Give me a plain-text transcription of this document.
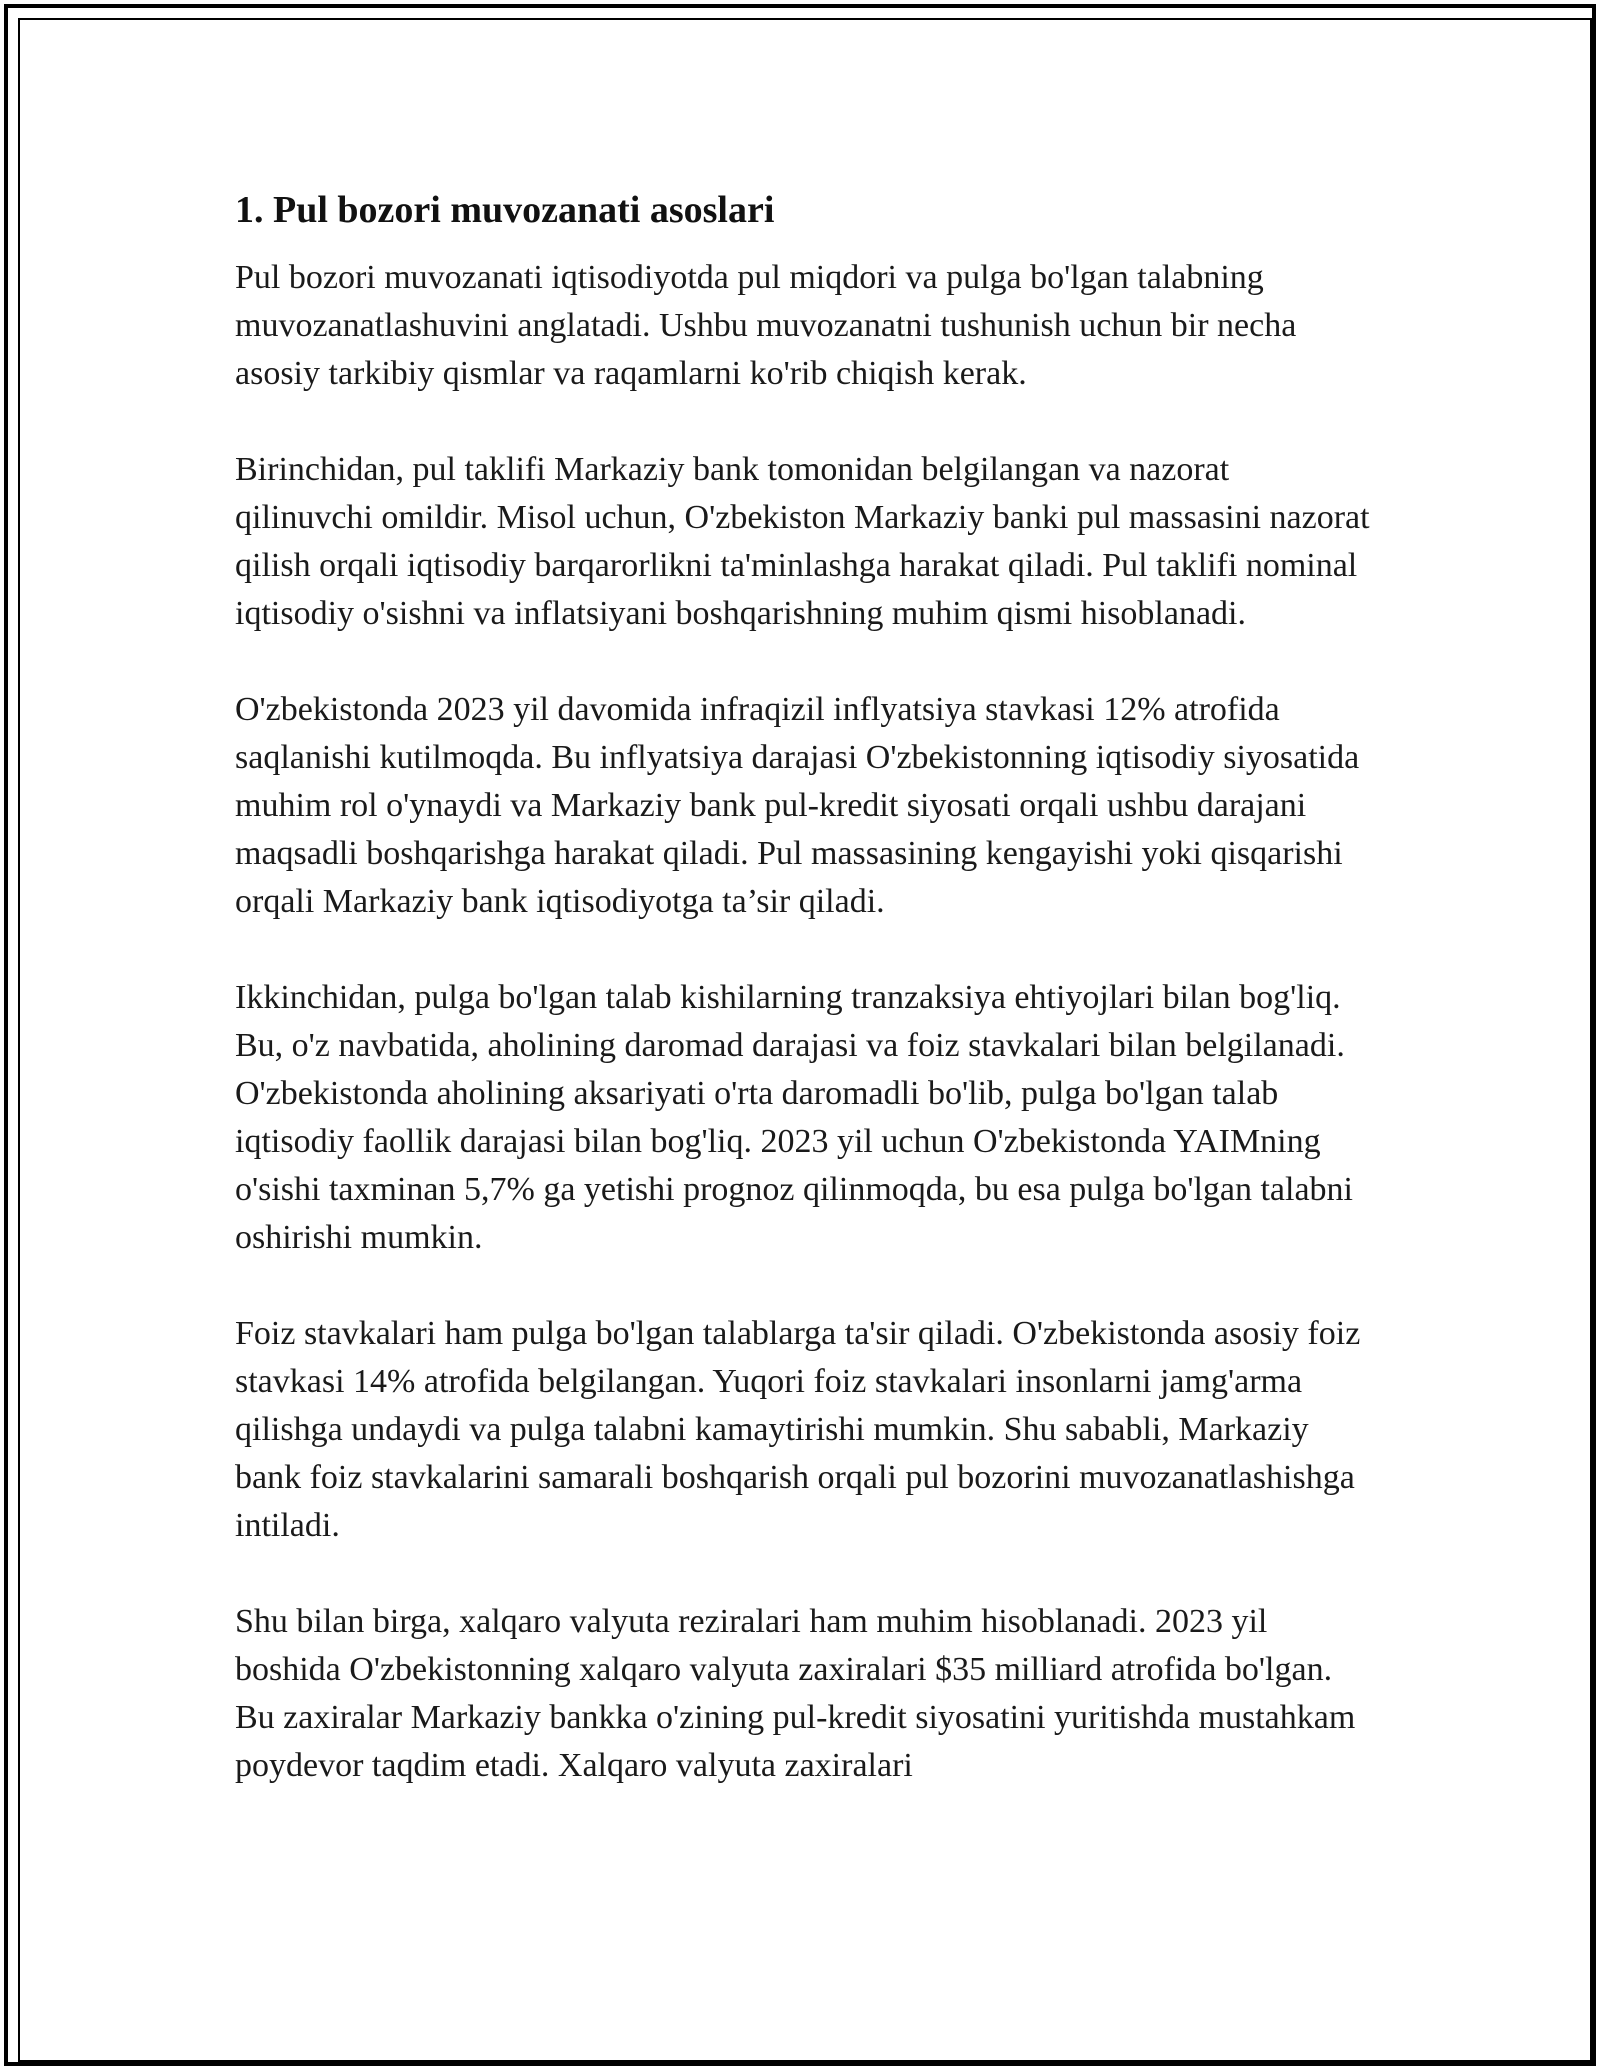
1. Pul bozori muvozanati asoslari

Pul bozori muvozanati iqtisodiyotda pul miqdori va pulga bo'lgan talabning muvozanatlashuvini anglatadi. Ushbu muvozanatni tushunish uchun bir necha asosiy tarkibiy qismlar va raqamlarni ko'rib chiqish kerak.

Birinchidan, pul taklifi Markaziy bank tomonidan belgilangan va nazorat qilinuvchi omildir. Misol uchun, O'zbekiston Markaziy banki pul massasini nazorat qilish orqali iqtisodiy barqarorlikni ta'minlashga harakat qiladi. Pul taklifi nominal iqtisodiy o'sishni va inflatsiyani boshqarishning muhim qismi hisoblanadi.

O'zbekistonda 2023 yil davomida infraqizil inflyatsiya stavkasi 12% atrofida saqlanishi kutilmoqda. Bu inflyatsiya darajasi O'zbekistonning iqtisodiy siyosatida muhim rol o'ynaydi va Markaziy bank pul-kredit siyosati orqali ushbu darajani maqsadli boshqarishga harakat qiladi. Pul massasining kengayishi yoki qisqarishi orqali Markaziy bank iqtisodiyotga ta’sir qiladi.

Ikkinchidan, pulga bo'lgan talab kishilarning tranzaksiya ehtiyojlari bilan bog'liq. Bu, o'z navbatida, aholining daromad darajasi va foiz stavkalari bilan belgilanadi. O'zbekistonda aholining aksariyati o'rta daromadli bo'lib, pulga bo'lgan talab iqtisodiy faollik darajasi bilan bog'liq. 2023 yil uchun O'zbekistonda YAIMning o'sishi taxminan 5,7% ga yetishi prognoz qilinmoqda, bu esa pulga bo'lgan talabni oshirishi mumkin.

Foiz stavkalari ham pulga bo'lgan talablarga ta'sir qiladi. O'zbekistonda asosiy foiz stavkasi 14% atrofida belgilangan. Yuqori foiz stavkalari insonlarni jamg'arma qilishga undaydi va pulga talabni kamaytirishi mumkin. Shu sababli, Markaziy bank foiz stavkalarini samarali boshqarish orqali pul bozorini muvozanatlashishga intiladi.

Shu bilan birga, xalqaro valyuta reziralari ham muhim hisoblanadi. 2023 yil boshida O'zbekistonning xalqaro valyuta zaxiralari $35 milliard atrofida bo'lgan. Bu zaxiralar Markaziy bankka o'zining pul-kredit siyosatini yuritishda mustahkam poydevor taqdim etadi. Xalqaro valyuta zaxiralari
